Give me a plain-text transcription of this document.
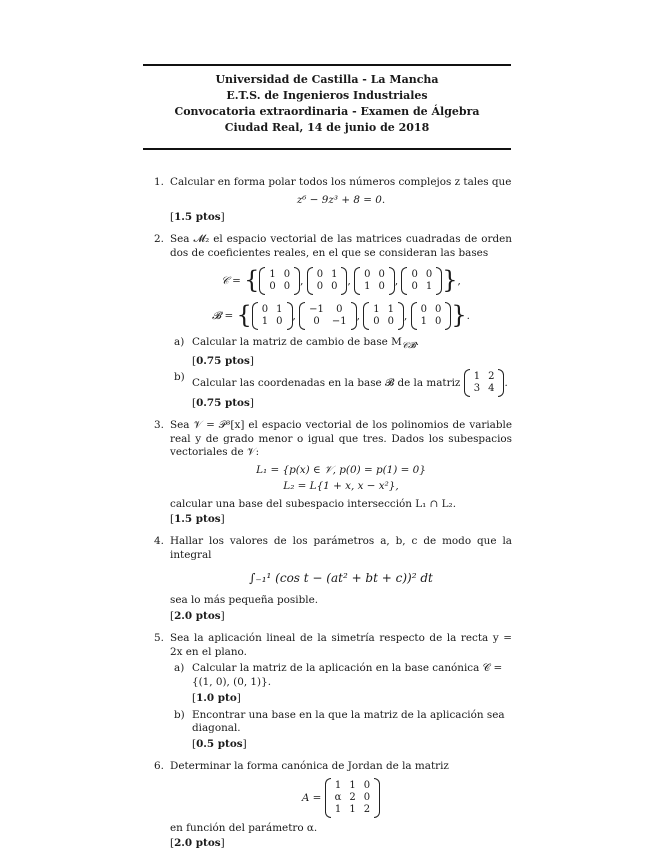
Universidad de Castilla - La Mancha
E.T.S. de Ingenieros Industriales
Convocatoria extraordinaria - Examen de Álgebra
Ciudad Real, 14 de junio de 2018
1. Calcular en forma polar todos los números complejos z tales que

z⁶ − 9z³ + 8 = 0.
[1.5 ptos]
2. Sea 𝓜₂ el espacio vectorial de las matrices cuadradas de orden dos de coeficientes reales, en el que se consideran las bases

𝒞 = { 1	0
0	0 ,
0	1
0	0 ,
0	0
1	0 ,
0	0
0	1 },
𝓑 = { 0	1
1	0 ,
−1	0
0	−1 ,
1	1
0	0 ,
0	0
1	0 }.
a) Calcular la matriz de cambio de base $M_{𝒞𝓑}$.
[0.75 ptos]
b) Calcular las coordenadas en la base 𝓑 de la matriz
1	2
3	4 .
[0.75 ptos]
3. Sea 𝒱 = 𝒫³[x] el espacio vectorial de los polinomios de variable real y de grado menor o igual que tres. Dados los subespacios vectoriales de 𝒱:

L₁ = {p(x) ∈ 𝒱, p(0) = p(1) = 0}
L₂ = L{1 + x, x − x²},

calcular una base del subespacio intersección L₁ ∩ L₂.

[1.5 ptos]
4. Hallar los valores de los parámetros a, b, c de modo que la integral

∫₋₁¹ (cos t − (at² + bt + c))² dt

sea lo más pequeña posible.

[2.0 ptos]
5. Sea la aplicación lineal de la simetría respecto de la recta y = 2x en el plano.

a) Calcular la matriz de la aplicación en la base canónica 𝒞 = {(1, 0), (0, 1)}.
[1.0 pto]
b) Encontrar una base en la que la matriz de la aplicación sea diagonal.
[0.5 ptos]
6. Determinar la forma canónica de Jordan de la matriz

A =
1	1	0
α	2	0
1	1	2

en función del parámetro α.

[2.0 ptos]
